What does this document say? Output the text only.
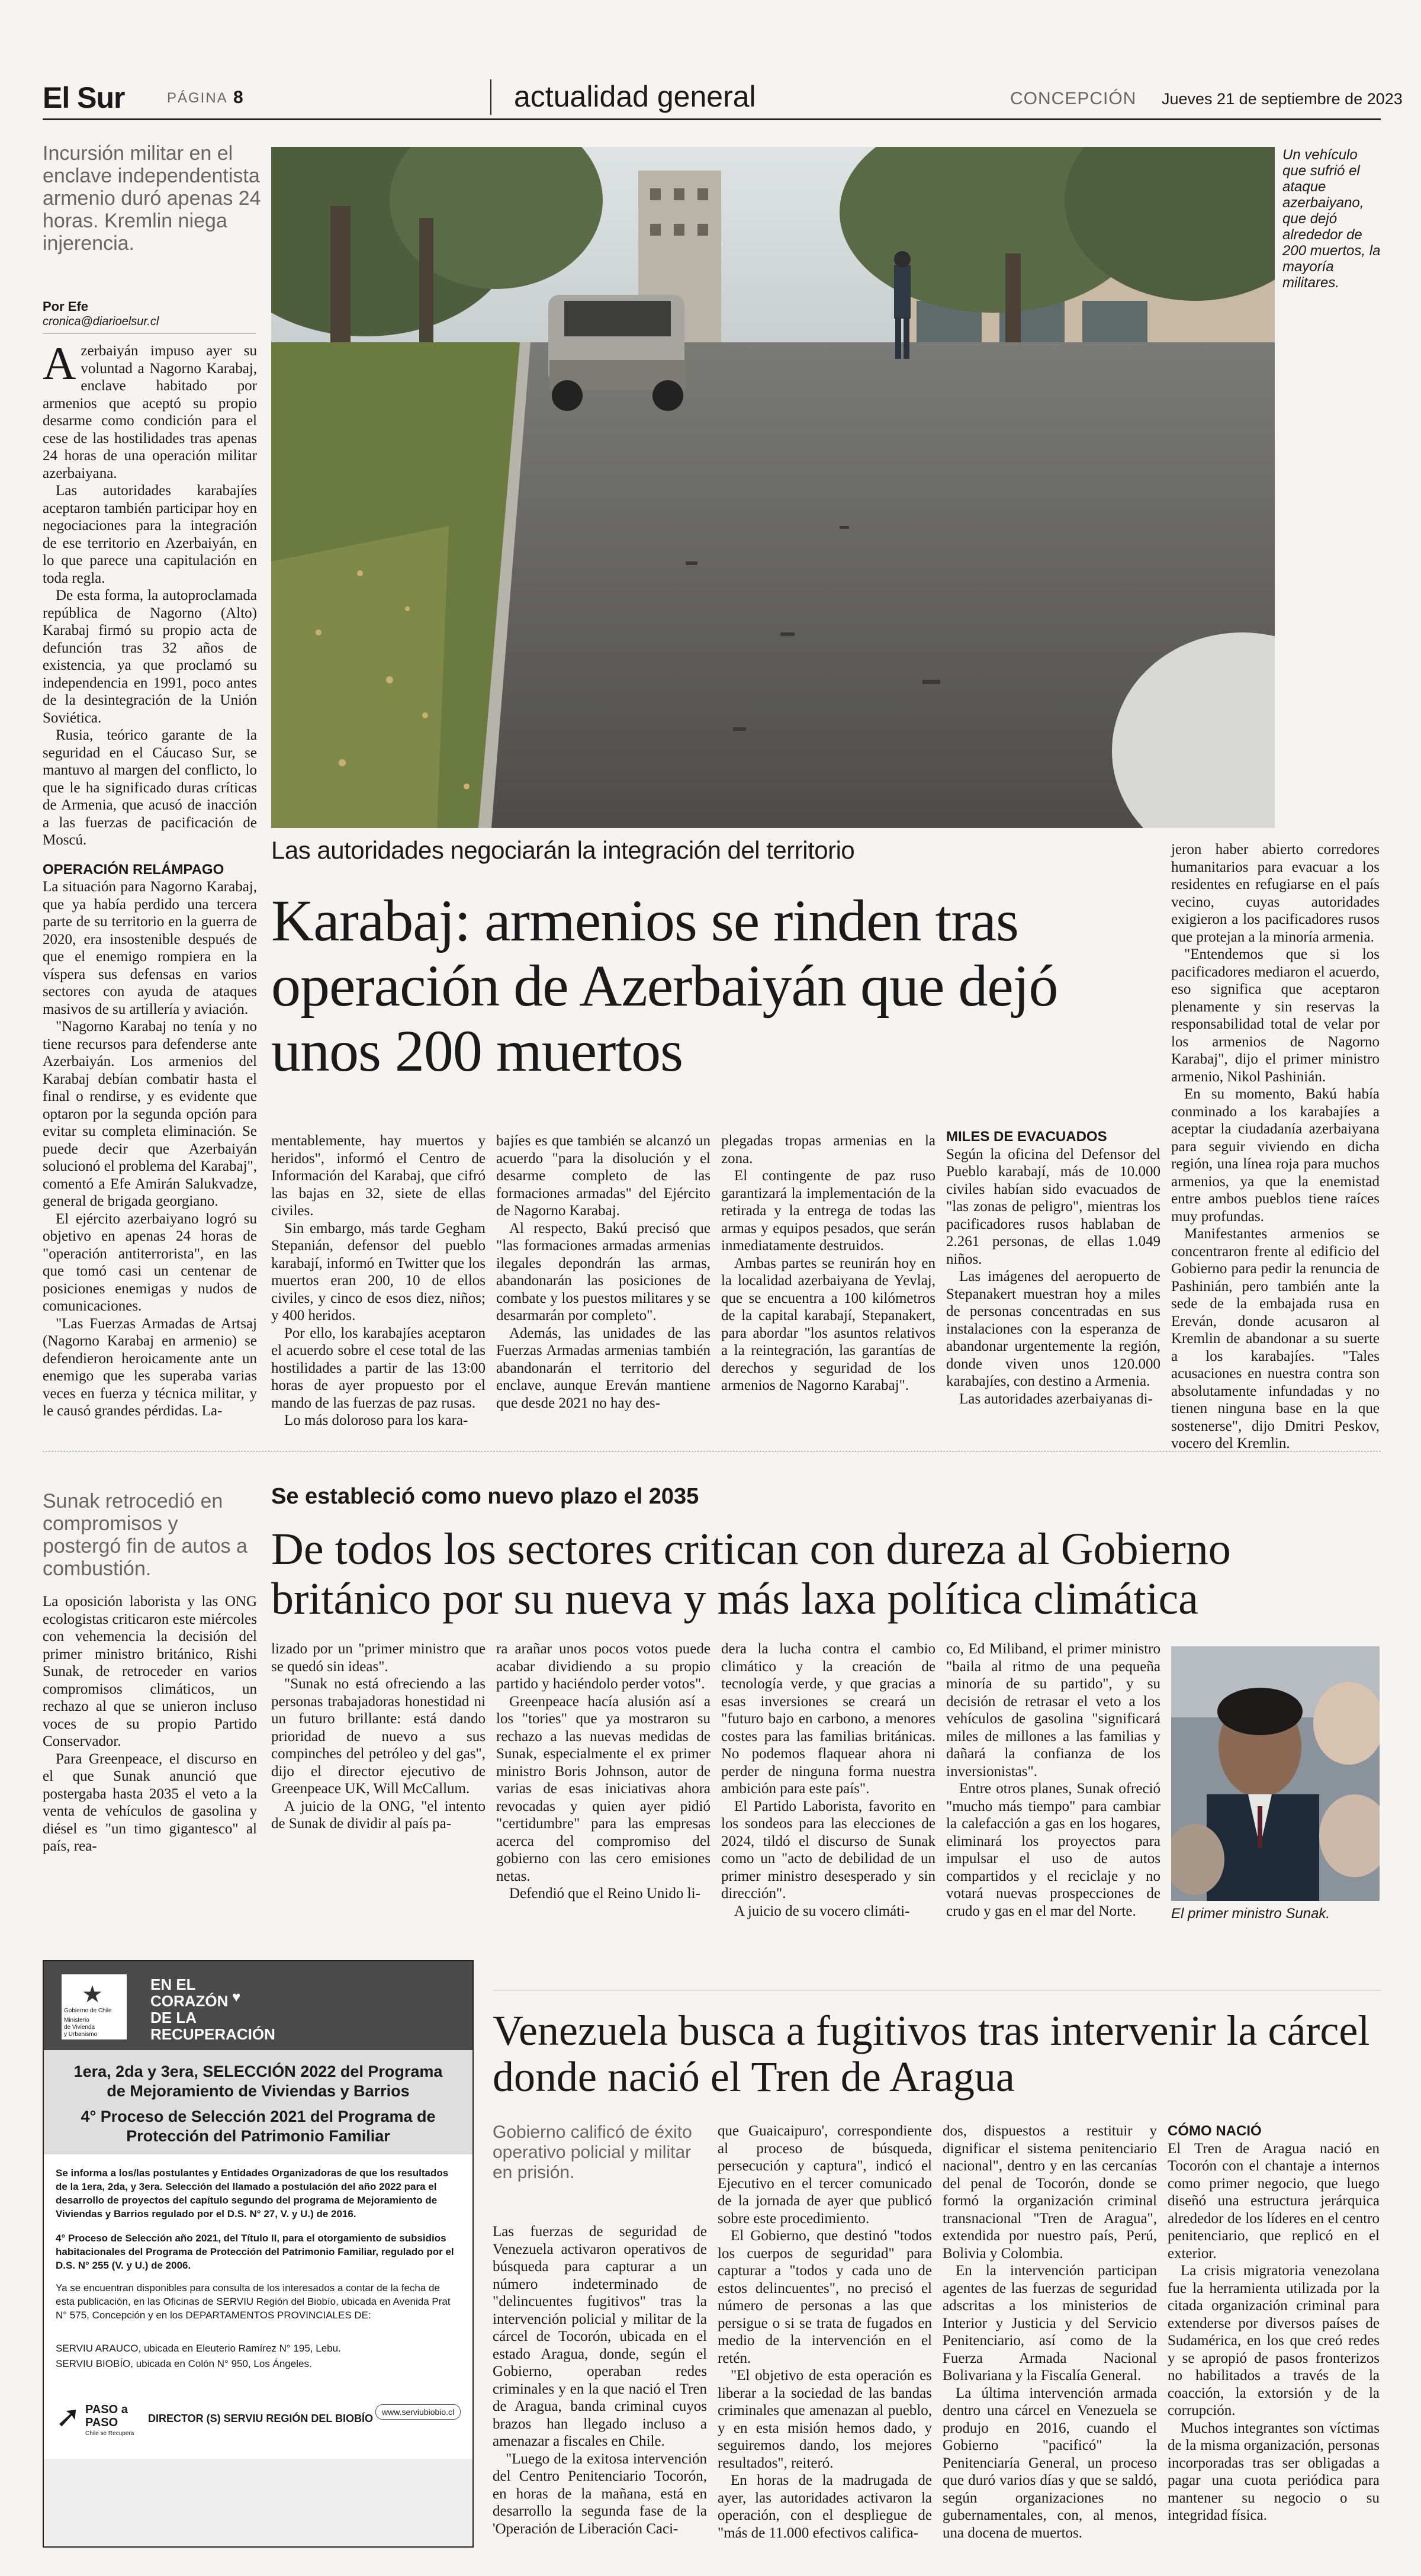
El Sur	PÁGINA 8	actualidad general	CONCEPCIÓN Jueves 21 de septiembre de 2023
Incursión militar en el enclave independentista armenio duró apenas 24 horas. Kremlin niega injerencia.
Por Efe
cronica@diarioelsur.cl

Azerbaiyán impuso ayer su voluntad a Nagorno Karabaj, enclave habitado por armenios que aceptó su propio desarme como condición para el cese de las hostilidades tras apenas 24 horas de una operación militar azerbaiyana.

Las autoridades karabajíes aceptaron también participar hoy en negociaciones para la integración de ese territorio en Azerbaiyán, en lo que parece una capitulación en toda regla.

De esta forma, la autoproclamada república de Nagorno (Alto) Karabaj firmó su propio acta de defunción tras 32 años de existencia, ya que proclamó su independencia en 1991, poco antes de la desintegración de la Unión Soviética.

Rusia, teórico garante de la seguridad en el Cáucaso Sur, se mantuvo al margen del conflicto, lo que le ha significado duras críticas de Armenia, que acusó de inacción a las fuerzas de pacificación de Moscú.

OPERACIÓN RELÁMPAGO

La situación para Nagorno Karabaj, que ya había perdido una tercera parte de su territorio en la guerra de 2020, era insostenible después de que el enemigo rompiera en la víspera sus defensas en varios sectores con ayuda de ataques masivos de su artillería y aviación.

"Nagorno Karabaj no tenía y no tiene recursos para defenderse ante Azerbaiyán. Los armenios del Karabaj debían combatir hasta el final o rendirse, y es evidente que optaron por la segunda opción para evitar su completa eliminación. Se puede decir que Azerbaiyán solucionó el problema del Karabaj", comentó a Efe Amirán Salukvadze, general de brigada georgiano.

El ejército azerbaiyano logró su objetivo en apenas 24 horas de "operación antiterrorista", en las que tomó casi un centenar de posiciones enemigas y nudos de comunicaciones.

"Las Fuerzas Armadas de Artsaj (Nagorno Karabaj en armenio) se defendieron heroicamente ante un enemigo que les superaba varias veces en fuerza y técnica militar, y le causó grandes pérdidas. La-

Un vehículo que sufrió el ataque azerbaiyano, que dejó alrededor de 200 muertos, la mayoría militares.
Las autoridades negociarán la integración del territorio
Karabaj: armenios se rinden tras operación de Azerbaiyán que dejó unos 200 muertos

mentablemente, hay muertos y heridos", informó el Centro de Información del Karabaj, que cifró las bajas en 32, siete de ellas civiles.

Sin embargo, más tarde Gegham Stepanián, defensor del pueblo karabají, informó en Twitter que los muertos eran 200, 10 de ellos civiles, y cinco de esos diez, niños; y 400 heridos.

Por ello, los karabajíes aceptaron el acuerdo sobre el cese total de las hostilidades a partir de las 13:00 horas de ayer propuesto por el mando de las fuerzas de paz rusas.

Lo más doloroso para los kara-

bajíes es que también se alcanzó un acuerdo "para la disolución y el desarme completo de las formaciones armadas" del Ejército de Nagorno Karabaj.

Al respecto, Bakú precisó que "las formaciones armadas armenias ilegales depondrán las armas, abandonarán las posiciones de combate y los puestos militares y se desarmarán por completo".

Además, las unidades de las Fuerzas Armadas armenias también abandonarán el territorio del enclave, aunque Ereván mantiene que desde 2021 no hay des-

plegadas tropas armenias en la zona.

El contingente de paz ruso garantizará la implementación de la retirada y la entrega de todas las armas y equipos pesados, que serán inmediatamente destruidos.

Ambas partes se reunirán hoy en la localidad azerbaiyana de Yevlaj, que se encuentra a 100 kilómetros de la capital karabají, Stepanakert, para abordar "los asuntos relativos a la reintegración, las garantías de derechos y seguridad de los armenios de Nagorno Karabaj".

MILES DE EVACUADOS

Según la oficina del Defensor del Pueblo karabají, más de 10.000 civiles habían sido evacuados de "las zonas de peligro", mientras los pacificadores rusos hablaban de 2.261 personas, de ellas 1.049 niños.

Las imágenes del aeropuerto de Stepanakert muestran hoy a miles de personas concentradas en sus instalaciones con la esperanza de abandonar urgentemente la región, donde viven unos 120.000 karabajíes, con destino a Armenia.

Las autoridades azerbaiyanas di-

jeron haber abierto corredores humanitarios para evacuar a los residentes en refugiarse en el país vecino, cuyas autoridades exigieron a los pacificadores rusos que protejan a la minoría armenia.

"Entendemos que si los pacificadores mediaron el acuerdo, eso significa que aceptaron plenamente y sin reservas la responsabilidad total de velar por los armenios de Nagorno Karabaj", dijo el primer ministro armenio, Nikol Pashinián.

En su momento, Bakú había conminado a los karabajíes a aceptar la ciudadanía azerbaiyana para seguir viviendo en dicha región, una línea roja para muchos armenios, ya que la enemistad entre ambos pueblos tiene raíces muy profundas.

Manifestantes armenios se concentraron frente al edificio del Gobierno para pedir la renuncia de Pashinián, pero también ante la sede de la embajada rusa en Ereván, donde acusaron al Kremlin de abandonar a su suerte a los karabajíes. "Tales acusaciones en nuestra contra son absolutamente infundadas y no tienen ninguna base en la que sostenerse", dijo Dmitri Peskov, vocero del Kremlin.

Sunak retrocedió en compromisos y postergó fin de autos a combustión.
Se estableció como nuevo plazo el 2035
De todos los sectores critican con dureza al Gobierno británico por su nueva y más laxa política climática

La oposición laborista y las ONG ecologistas criticaron este miércoles con vehemencia la decisión del primer ministro británico, Rishi Sunak, de retroceder en varios compromisos climáticos, un rechazo al que se unieron incluso voces de su propio Partido Conservador.

Para Greenpeace, el discurso en el que Sunak anunció que postergaba hasta 2035 el veto a la venta de vehículos de gasolina y diésel es "un timo gigantesco" al país, rea-

lizado por un "primer ministro que se quedó sin ideas".

"Sunak no está ofreciendo a las personas trabajadoras honestidad ni un futuro brillante: está dando prioridad de nuevo a sus compinches del petróleo y del gas", dijo el director ejecutivo de Greenpeace UK, Will McCallum.

A juicio de la ONG, "el intento de Sunak de dividir al país pa-

ra arañar unos pocos votos puede acabar dividiendo a su propio partido y haciéndolo perder votos".

Greenpeace hacía alusión así a los "tories" que ya mostraron su rechazo a las nuevas medidas de Sunak, especialmente el ex primer ministro Boris Johnson, autor de varias de esas iniciativas ahora revocadas y quien ayer pidió "certidumbre" para las empresas acerca del compromiso del gobierno con las cero emisiones netas.

Defendió que el Reino Unido li-

dera la lucha contra el cambio climático y la creación de tecnología verde, y que gracias a esas inversiones se creará un "futuro bajo en carbono, a menores costes para las familias británicas. No podemos flaquear ahora ni perder de ninguna forma nuestra ambición para este país".

El Partido Laborista, favorito en los sondeos para las elecciones de 2024, tildó el discurso de Sunak como un "acto de debilidad de un primer ministro desesperado y sin dirección".

A juicio de su vocero climáti-

co, Ed Miliband, el primer ministro "baila al ritmo de una pequeña minoría de su partido", y su decisión de retrasar el veto a los vehículos de gasolina "significará miles de millones a las familias y dañará la confianza de los inversionistas".

Entre otros planes, Sunak ofreció "mucho más tiempo" para cambiar la calefacción a gas en los hogares, eliminará los proyectos para impulsar el uso de autos compartidos y el reciclaje y no votará nuevas prospecciones de crudo y gas en el mar del Norte.	El primer ministro Sunak.
★
Gobierno de Chile
Ministerio
de Vivienda
y Urbanismo
EN EL
CORAZÓN
DE LA
RECUPERACIÓN
♥
1era, 2da y 3era, SELECCIÓN 2022 del Programa de Mejoramiento de Viviendas y Barrios
4° Proceso de Selección 2021 del Programa de Protección del Patrimonio Familiar
Se informa a los/las postulantes y Entidades Organizadoras de que los resultados de la 1era, 2da, y 3era. Selección del llamado a postulación del año 2022 para el desarrollo de proyectos del capítulo segundo del programa de Mejoramiento de Viviendas y Barrios regulado por el D.S. N° 27, V. y U.) de 2016.
4° Proceso de Selección año 2021, del Título II, para el otorgamiento de subsidios habitacionales del Programa de Protección del Patrimonio Familiar, regulado por el D.S. N° 255 (V. y U.) de 2006.
Ya se encuentran disponibles para consulta de los interesados a contar de la fecha de esta publicación, en las Oficinas de SERVIU Región del Biobío, ubicada en Avenida Prat N° 575, Concepción y en los DEPARTAMENTOS PROVINCIALES DE:
SERVIU ARAUCO, ubicada en Eleuterio Ramírez N° 195, Lebu.
SERVIU BIOBÍO, ubicada en Colón N° 950, Los Ángeles.
➚ PASO a
PASO
Chile se Recupera
DIRECTOR (S) SERVIU REGIÓN DEL BIOBÍO
www.serviubiobio.cl
Venezuela busca a fugitivos tras intervenir la cárcel donde nació el Tren de Aragua
Gobierno calificó de éxito operativo policial y militar en prisión.

Las fuerzas de seguridad de Venezuela activaron operativos de búsqueda para capturar a un número indeterminado de "delincuentes fugitivos" tras la intervención policial y militar de la cárcel de Tocorón, ubicada en el estado Aragua, donde, según el Gobierno, operaban redes criminales y en la que nació el Tren de Aragua, banda criminal cuyos brazos han llegado incluso a amenazar a fiscales en Chile.

"Luego de la exitosa intervención del Centro Penitenciario Tocorón, en horas de la mañana, está en desarrollo la segunda fase de la 'Operación de Liberación Caci-

que Guaicaipuro', correspondiente al proceso de búsqueda, persecución y captura", indicó el Ejecutivo en el tercer comunicado de la jornada de ayer que publicó sobre este procedimiento.

El Gobierno, que destinó "todos los cuerpos de seguridad" para capturar a "todos y cada uno de estos delincuentes", no precisó el número de personas a las que persigue o si se trata de fugados en medio de la intervención en el retén.

"El objetivo de esta operación es liberar a la sociedad de las bandas criminales que amenazan al pueblo, y en esta misión hemos dado, y seguiremos dando, los mejores resultados", reiteró.

En horas de la madrugada de ayer, las autoridades activaron la operación, con el despliegue de "más de 11.000 efectivos califica-

dos, dispuestos a restituir y dignificar el sistema penitenciario nacional", dentro y en las cercanías del penal de Tocorón, donde se formó la organización criminal transnacional "Tren de Aragua", extendida por nuestro país, Perú, Bolivia y Colombia.

En la intervención participan agentes de las fuerzas de seguridad adscritas a los ministerios de Interior y Justicia y del Servicio Penitenciario, así como de la Fuerza Armada Nacional Bolivariana y la Fiscalía General.

La última intervención armada dentro una cárcel en Venezuela se produjo en 2016, cuando el Gobierno "pacificó" la Penitenciaría General, un proceso que duró varios días y que se saldó, según organizaciones no gubernamentales, con, al menos, una docena de muertos.

CÓMO NACIÓ

El Tren de Aragua nació en Tocorón con el chantaje a internos como primer negocio, que luego diseñó una estructura jerárquica alrededor de los líderes en el centro penitenciario, que replicó en el exterior.

La crisis migratoria venezolana fue la herramienta utilizada por la citada organización criminal para extenderse por diversos países de Sudamérica, en los que creó redes y se apropió de pasos fronterizos no habilitados a través de la coacción, la extorsión y de la corrupción.

Muchos integrantes son víctimas de la misma organización, personas incorporadas tras ser obligadas a pagar una cuota periódica para mantener su negocio o su integridad física.
